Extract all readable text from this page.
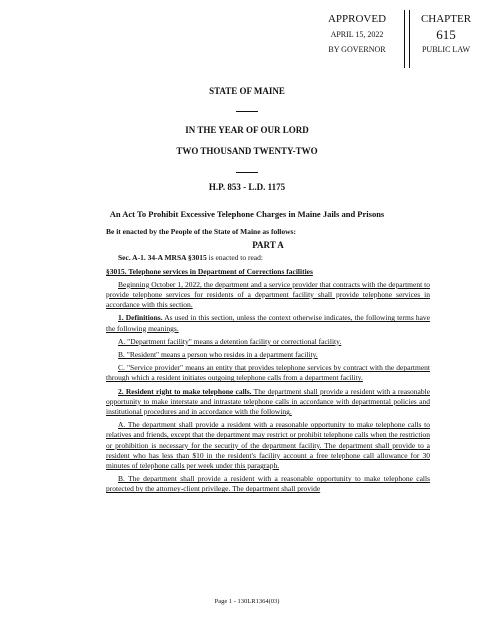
APPROVED
APRIL 15, 2022
BY GOVERNOR
CHAPTER
615
PUBLIC LAW
STATE OF MAINE
IN THE YEAR OF OUR LORD
TWO THOUSAND TWENTY-TWO
H.P. 853 - L.D. 1175
An Act To Prohibit Excessive Telephone Charges in Maine Jails and Prisons

Be it enacted by the People of the State of Maine as follows:

PART A

Sec. A-1. 34-A MRSA §3015 is enacted to read:

§3015. Telephone services in Department of Corrections facilities

Beginning October 1, 2022, the department and a service provider that contracts with the department to provide telephone services for residents of a department facility shall provide telephone services in accordance with this section.

1. Definitions. As used in this section, unless the context otherwise indicates, the following terms have the following meanings.

A. "Department facility" means a detention facility or correctional facility.

B. "Resident" means a person who resides in a department facility.

C. "Service provider" means an entity that provides telephone services by contract with the department through which a resident initiates outgoing telephone calls from a department facility.

2. Resident right to make telephone calls. The department shall provide a resident with a reasonable opportunity to make interstate and intrastate telephone calls in accordance with departmental policies and institutional procedures and in accordance with the following.

A. The department shall provide a resident with a reasonable opportunity to make telephone calls to relatives and friends, except that the department may restrict or prohibit telephone calls when the restriction or prohibition is necessary for the security of the department facility. The department shall provide to a resident who has less than $10 in the resident's facility account a free telephone call allowance for 30 minutes of telephone calls per week under this paragraph.

B. The department shall provide a resident with a reasonable opportunity to make telephone calls protected by the attorney-client privilege. The department shall provide

Page 1 - 130LR1364(03)
